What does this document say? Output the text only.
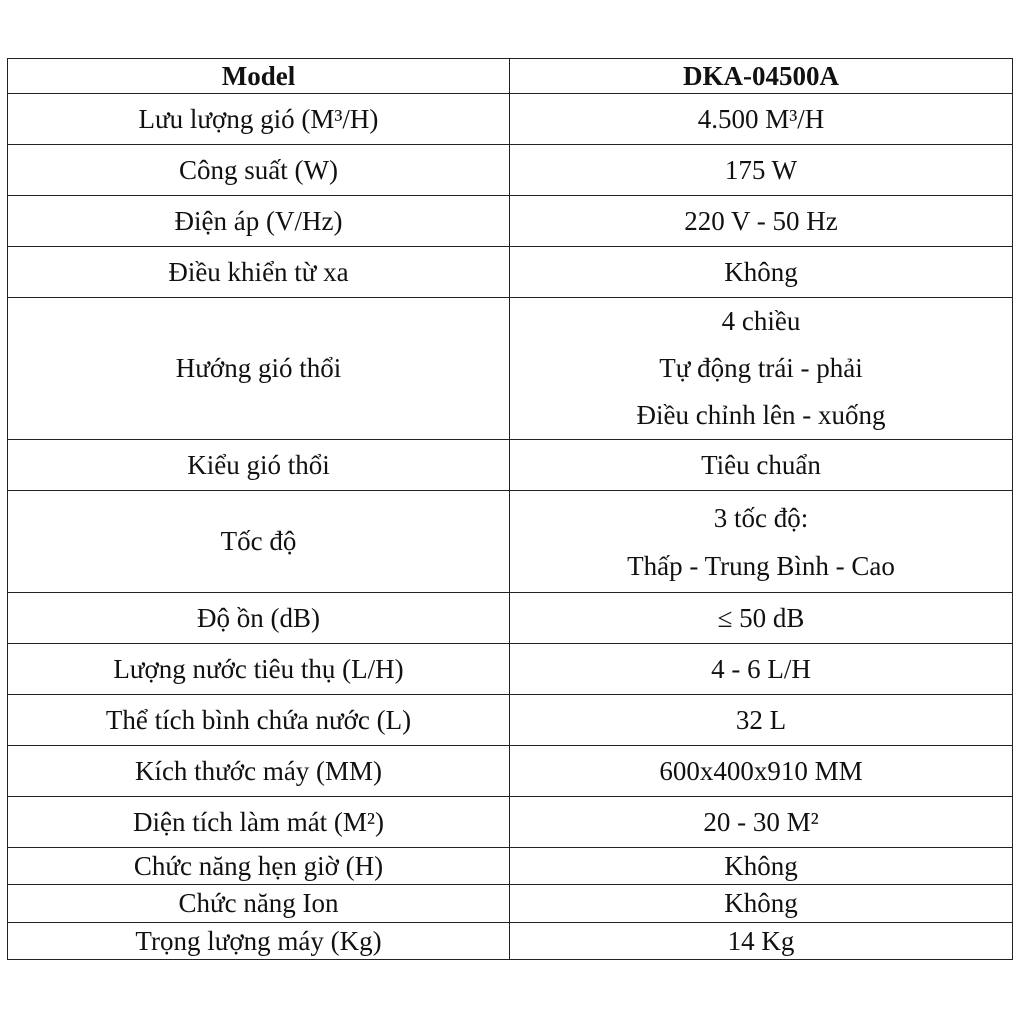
Model	DKA-04500A
Lưu lượng gió (M³/H)	4.500 M³/H
Công suất (W)	175 W
Điện áp (V/Hz)	220 V - 50 Hz
Điều khiển từ xa	Không
Hướng gió thổi	4 chiều
Tự động trái - phải
Điều chỉnh lên - xuống

Kiểu gió thổi	Tiêu chuẩn
Tốc độ	3 tốc độ:
Thấp - Trung Bình - Cao

Độ ồn (dB)	≤ 50 dB
Lượng nước tiêu thụ (L/H)	4 - 6 L/H
Thể tích bình chứa nước (L)	32 L
Kích thước máy (MM)	600x400x910 MM
Diện tích làm mát (M²)	20 - 30 M²
Chức năng hẹn giờ (H)	Không
Chức năng Ion	Không
Trọng lượng máy (Kg)	14 Kg
